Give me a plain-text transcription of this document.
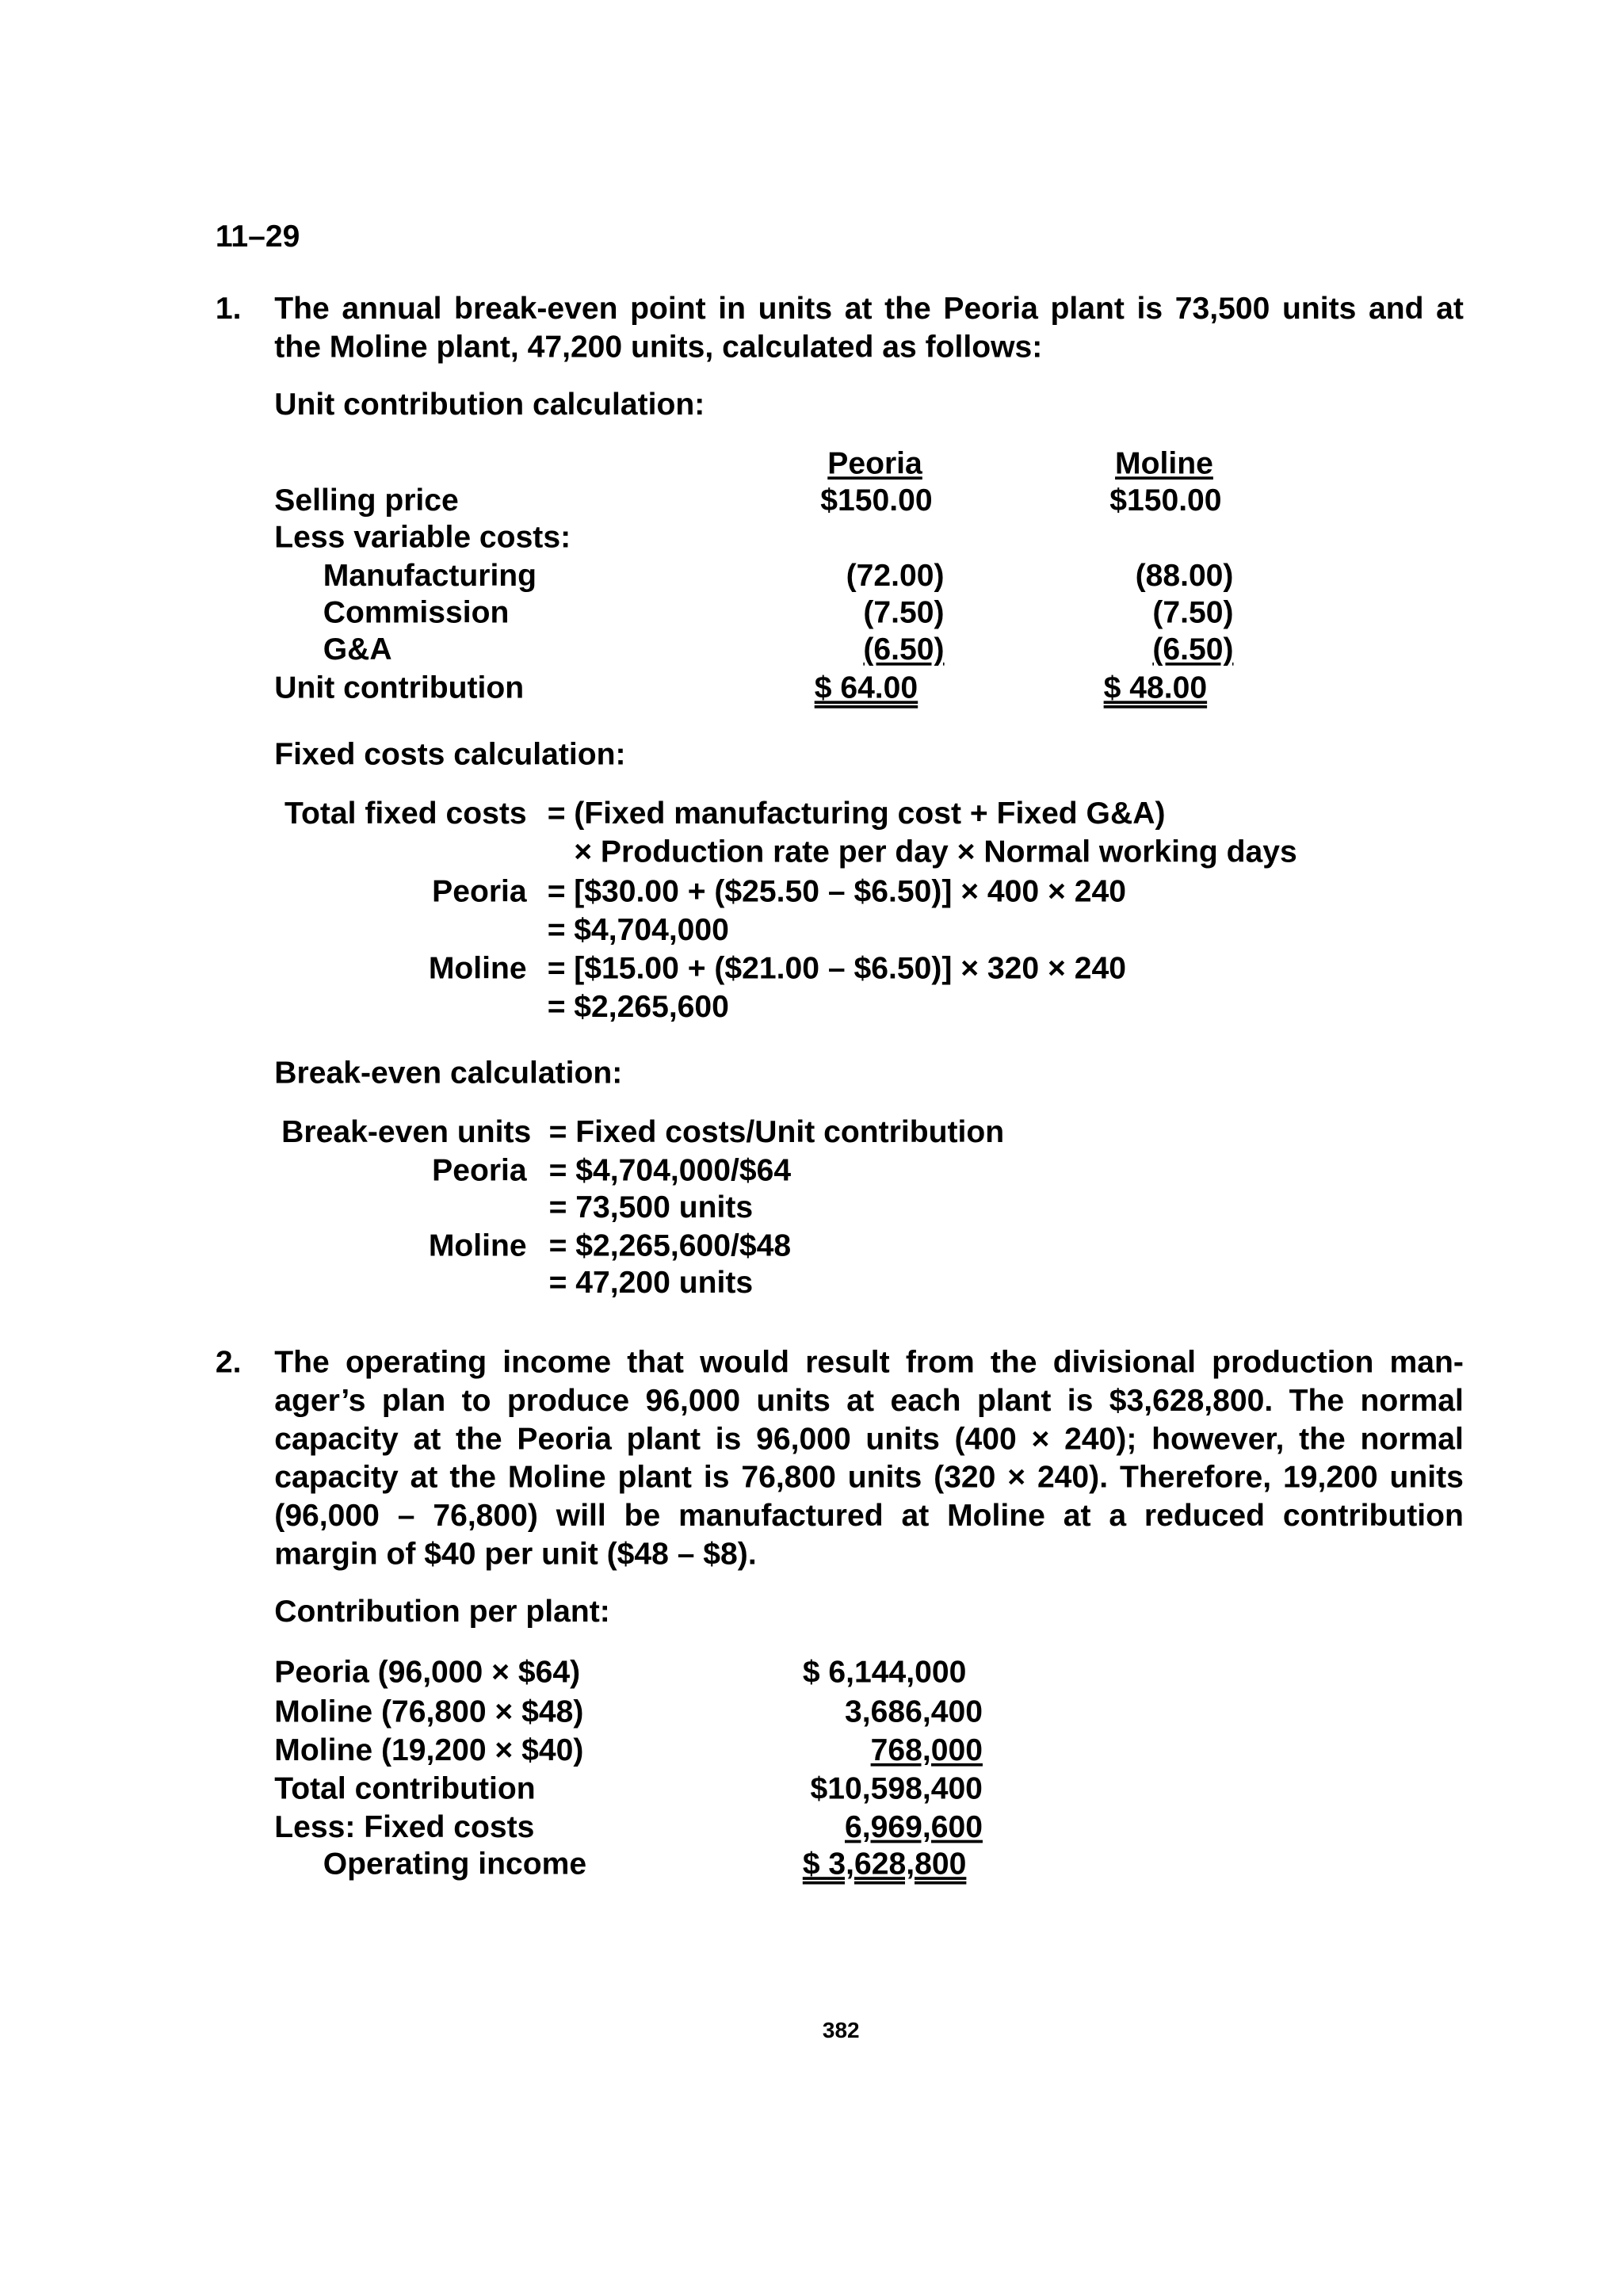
11–29
1. The annual break-even point in units at the Peoria plant is 73,500 units and at
the Moline plant, 47,200 units, calculated as follows:
Unit contribution calculation:
Peoria	Moline
Selling price	$150.00	$150.00
Less variable costs:
Manufacturing	(72.00)	(88.00)
Commission	(7.50)	(7.50)
G&A	(6.50)	(6.50)
Unit contribution	$ 64.00	$ 48.00
Fixed costs calculation:
Total fixed costs = (Fixed manufacturing cost + Fixed G&A)
× Production rate per day × Normal working days
Peoria = [$30.00 + ($25.50 – $6.50)] × 400 × 240
= $4,704,000
Moline = [$15.00 + ($21.00 – $6.50)] × 320 × 240
= $2,265,600
Break-even calculation:
Break-even units = Fixed costs/Unit contribution
Peoria = $4,704,000/$64
= 73,500 units
Moline = $2,265,600/$48
= 47,200 units
2. The operating income that would result from the divisional production man-
ager’s plan to produce 96,000 units at each plant is $3,628,800. The normal
capacity at the Peoria plant is 96,000 units (400 × 240); however, the normal
capacity at the Moline plant is 76,800 units (320 × 240). Therefore, 19,200 units
(96,000 – 76,800) will be manufactured at Moline at a reduced contribution
margin of $40 per unit ($48 – $8).
Contribution per plant:
Peoria (96,000 × $64)	$ 6,144,000
Moline (76,800 × $48)	3,686,400
Moline (19,200 × $40)	768,000
Total contribution	$10,598,400
Less: Fixed costs	6,969,600
Operating income	$ 3,628,800
382
